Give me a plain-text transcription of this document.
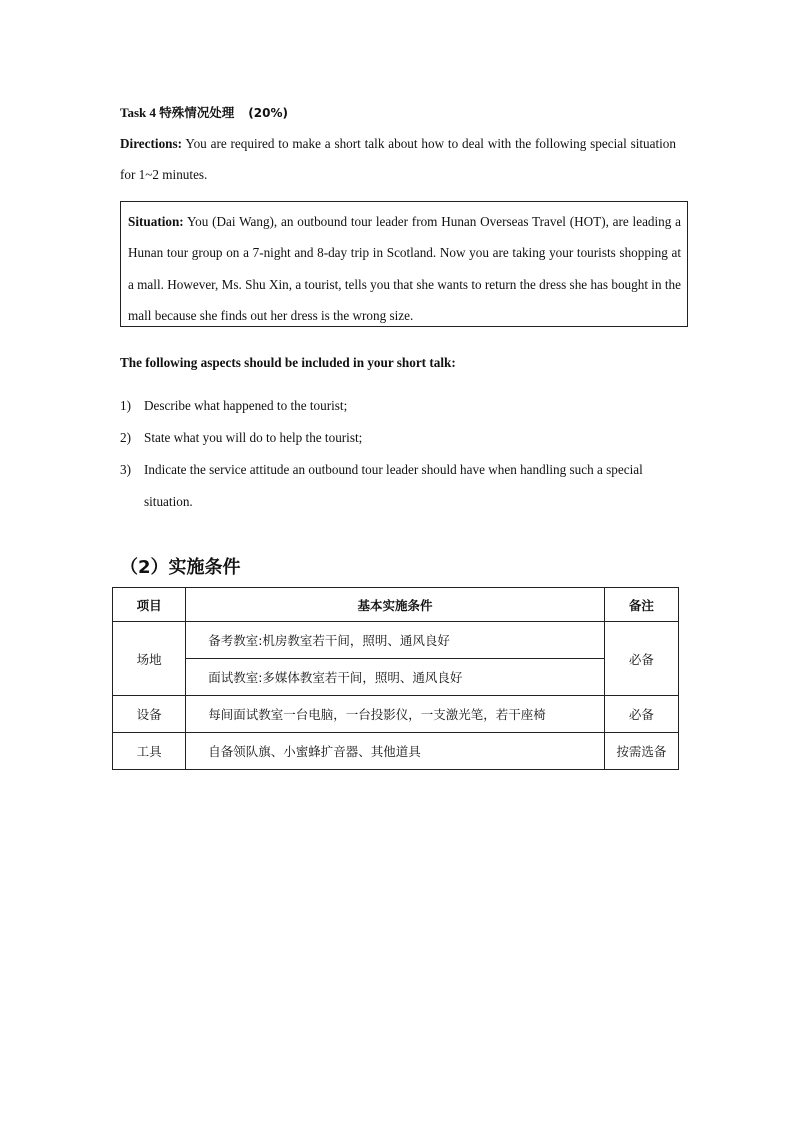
Task 4 特殊情况处理 (20%)
Directions: You are required to make a short talk about how to deal with the following special situation for 1~2 minutes.

Situation: You (Dai Wang), an outbound tour leader from Hunan Overseas Travel (HOT), are leading a Hunan tour group on a 7-night and 8-day trip in Scotland. Now you are taking your tourists shopping at a mall. However, Ms. Shu Xin, a tourist, tells you that she wants to return the dress she has bought in the mall because she finds out her dress is the wrong size.

The following aspects should be included in your short talk:
1) Describe what happened to the tourist;
2) State what you will do to help the tourist;
3) Indicate the service attitude an outbound tour leader should have when handling such a special
situation.
（2）实施条件
项目	基本实施条件	备注
场地	备考教室:机房教室若干间，照明、通风良好	必备
	面试教室:多媒体教室若干间，照明、通风良好	
设备	每间面试教室一台电脑，一台投影仪，一支激光笔，若干座椅	必备
工具	自备领队旗、小蜜蜂扩音器、其他道具	按需选备
